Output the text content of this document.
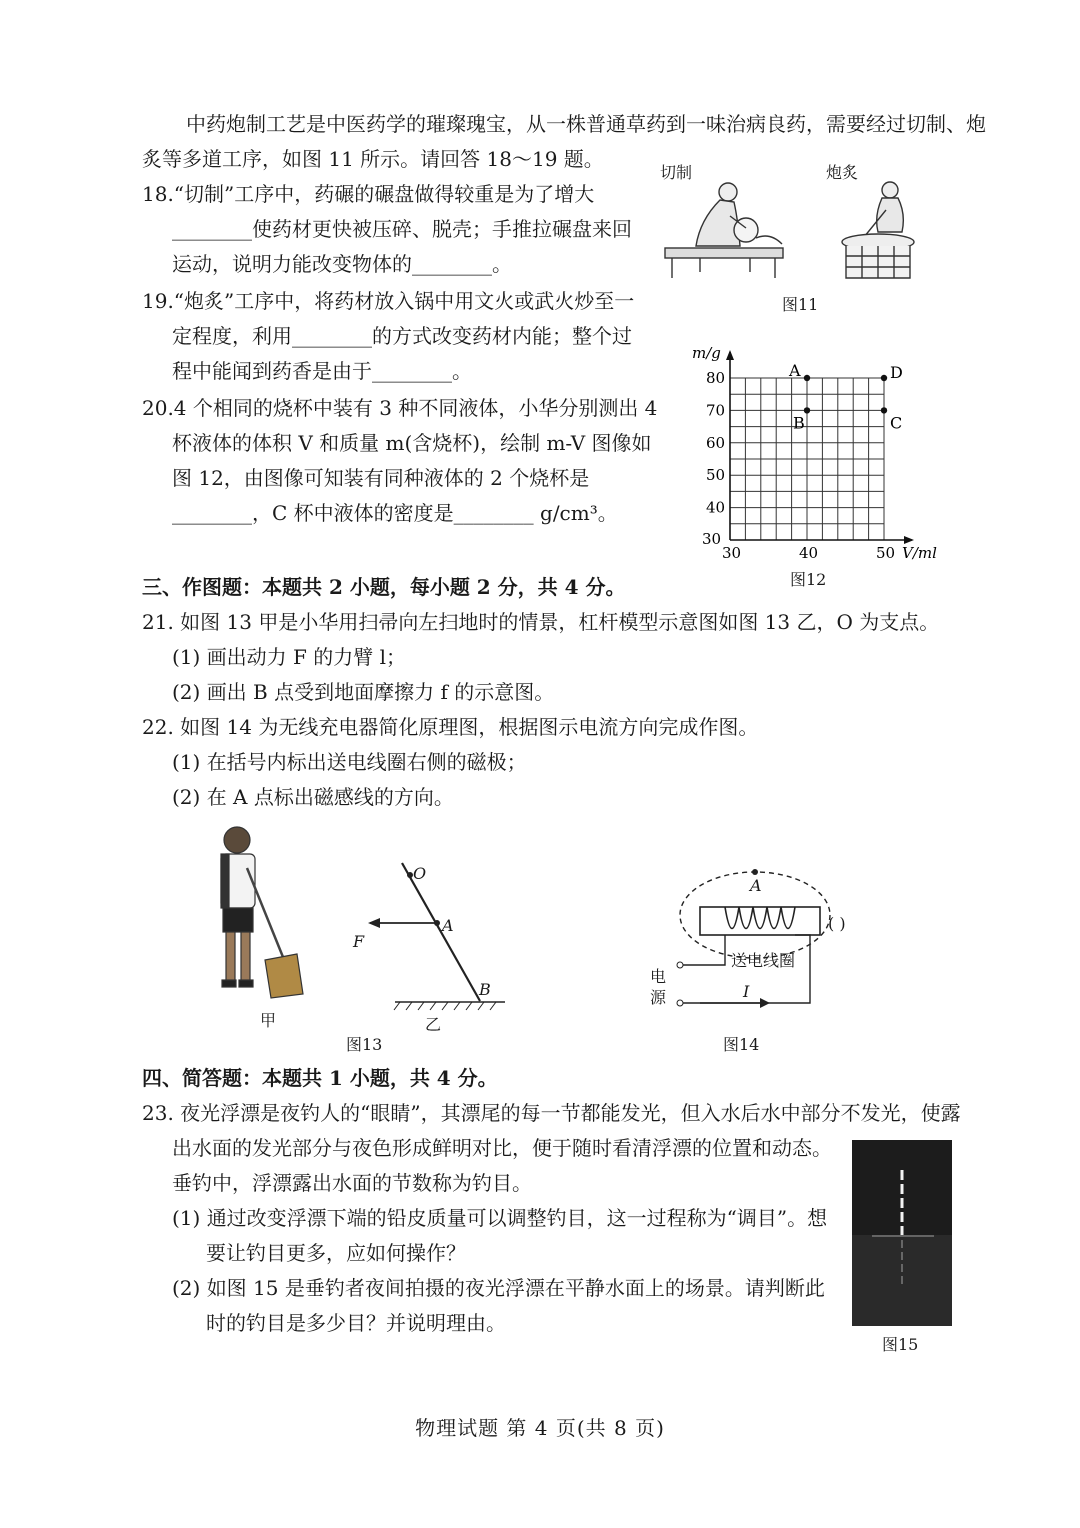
中药炮制工艺是中医药学的璀璨瑰宝，从一株普通草药到一味治病良药，需要经过切制、炮
炙等多道工序，如图 11 所示。请回答 18～19 题。
18.“切制”工序中，药碾的碾盘做得较重是为了增大
________使药材更快被压碎、脱壳；手推拉碾盘来回
运动，说明力能改变物体的________。
19.“炮炙”工序中，将药材放入锅中用文火或武火炒至一
定程度，利用________的方式改变药材内能；整个过
程中能闻到药香是由于________。
20.4 个相同的烧杯中装有 3 种不同液体，小华分别测出 4
杯液体的体积 V 和质量 m(含烧杯)，绘制 m-V 图像如
图 12，由图像可知装有同种液体的 2 个烧杯是
________，C 杯中液体的密度是________ g/cm³。
三、作图题：本题共 2 小题，每小题 2 分，共 4 分。
21. 如图 13 甲是小华用扫帚向左扫地时的情景，杠杆模型示意图如图 13 乙，O 为支点。
(1) 画出动力 F 的力臂 l；
(2) 画出 B 点受到地面摩擦力 f 的示意图。
22. 如图 14 为无线充电器简化原理图，根据图示电流方向完成作图。
(1) 在括号内标出送电线圈右侧的磁极；
(2) 在 A 点标出磁感线的方向。
四、简答题：本题共 1 小题，共 4 分。
23. 夜光浮漂是夜钓人的“眼睛”，其漂尾的每一节都能发光，但入水后水中部分不发光，使露
出水面的发光部分与夜色形成鲜明对比，便于随时看清浮漂的位置和动态。
垂钓中，浮漂露出水面的节数称为钓目。
(1) 通过改变浮漂下端的铅皮质量可以调整钓目，这一过程称为“调目”。想
要让钓目更多，应如何操作？
(2) 如图 15 是垂钓者夜间拍摄的夜光浮漂在平静水面上的场景。请判断此
时的钓目是多少目？并说明理由。
切制	炮炙
图11
m/g
V/ml
40
50
60
70
80
30
30	40	50
A
B	C
D
图12
甲
O
A
F
B
乙
图13
A
( )
送电线圈
电
源	I
图14
图15
物理试题 第 4 页(共 8 页)
